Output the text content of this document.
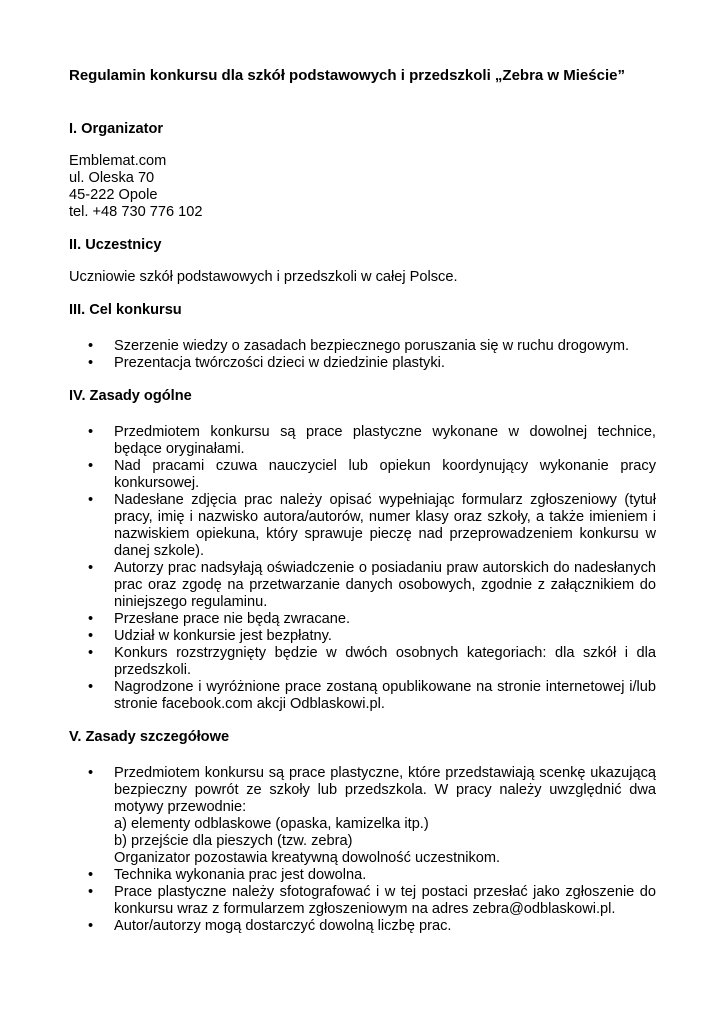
Regulamin konkursu dla szkół podstawowych i przedszkoli „Zebra w Mieście”
I. Organizator
Emblemat.com
ul. Oleska 70
45-222 Opole
tel. +48 730 776 102
II. Uczestnicy

Uczniowie szkół podstawowych i przedszkoli w całej Polsce.

III. Cel konkursu
• Szerzenie wiedzy o zasadach bezpiecznego poruszania się w ruchu drogowym.
• Prezentacja twórczości dzieci w dziedzinie plastyki.
IV. Zasady ogólne
• Przedmiotem konkursu są prace plastyczne wykonane w dowolnej technice, będące oryginałami.
• Nad pracami czuwa nauczyciel lub opiekun koordynujący wykonanie pracy konkursowej.
• Nadesłane zdjęcia prac należy opisać wypełniając formularz zgłoszeniowy (tytuł pracy, imię i nazwisko autora/autorów, numer klasy oraz szkoły, a także imieniem i nazwiskiem opiekuna, który sprawuje pieczę nad przeprowadzeniem konkursu w danej szkole).
• Autorzy prac nadsyłają oświadczenie o posiadaniu praw autorskich do nadesłanych prac oraz zgodę na przetwarzanie danych osobowych, zgodnie z załącznikiem do niniejszego regulaminu.
• Przesłane prace nie będą zwracane.
• Udział w konkursie jest bezpłatny.
• Konkurs rozstrzygnięty będzie w dwóch osobnych kategoriach: dla szkół i dla przedszkoli.
• Nagrodzone i wyróżnione prace zostaną opublikowane na stronie internetowej i/lub stronie facebook.com akcji Odblaskowi.pl.
V. Zasady szczegółowe
• Przedmiotem konkursu są prace plastyczne, które przedstawiają scenkę ukazującą bezpieczny powrót ze szkoły lub przedszkola. W pracy należy uwzględnić dwa motywy przewodnie:
a) elementy odblaskowe (opaska, kamizelka itp.)
b) przejście dla pieszych (tzw. zebra)
Organizator pozostawia kreatywną dowolność uczestnikom.
• Technika wykonania prac jest dowolna.
• Prace plastyczne należy sfotografować i w tej postaci przesłać jako zgłoszenie do konkursu wraz z formularzem zgłoszeniowym na adres zebra@odblaskowi.pl.
• Autor/autorzy mogą dostarczyć dowolną liczbę prac.
